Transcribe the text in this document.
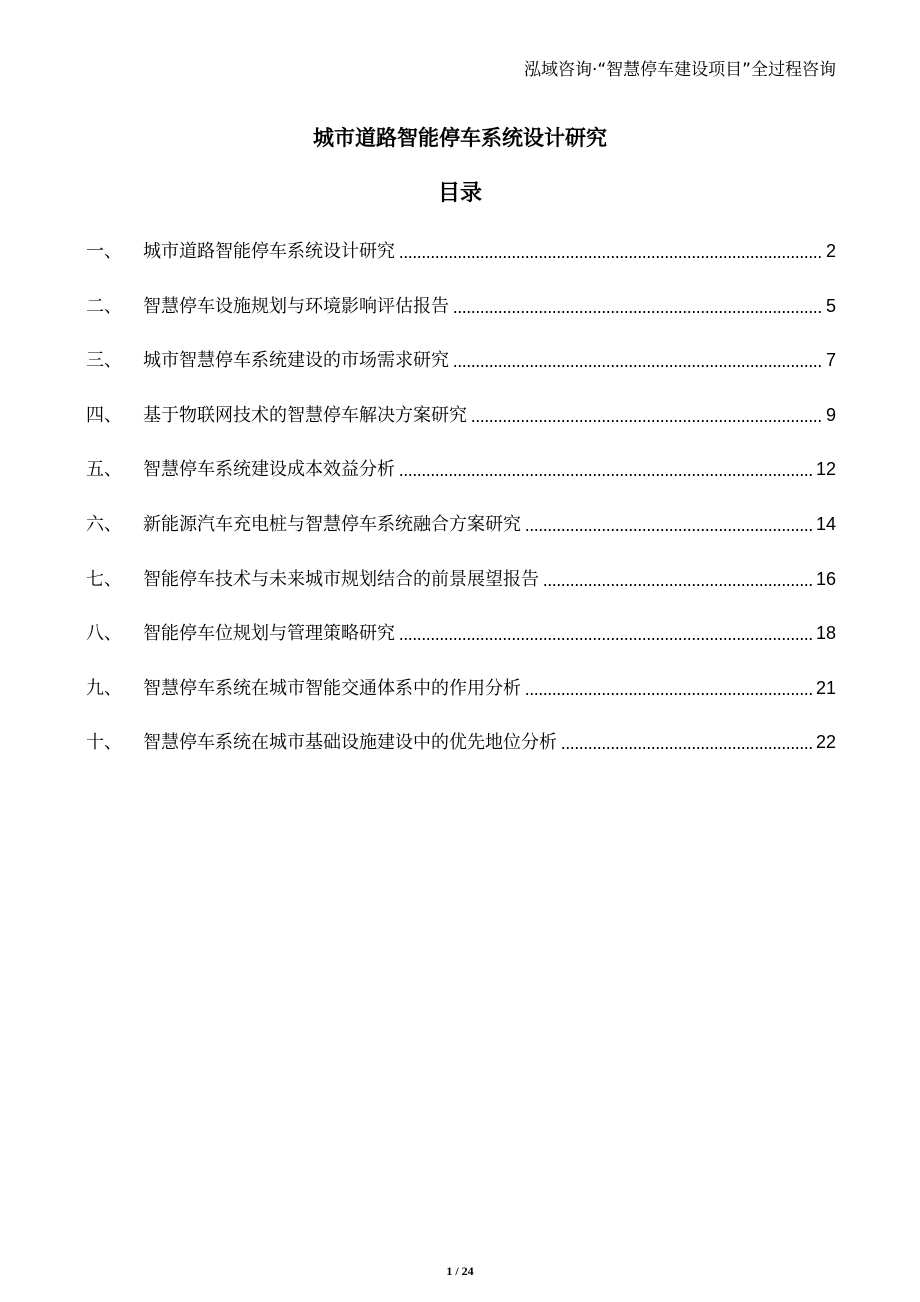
泓域咨询·“智慧停车建设项目”全过程咨询
城市道路智能停车系统设计研究
目录
一、	城市道路智能停车系统设计研究	2
二、	智慧停车设施规划与环境影响评估报告	5
三、	城市智慧停车系统建设的市场需求研究	7
四、	基于物联网技术的智慧停车解决方案研究	9
五、	智慧停车系统建设成本效益分析	12
六、	新能源汽车充电桩与智慧停车系统融合方案研究	14
七、	智能停车技术与未来城市规划结合的前景展望报告	16
八、	智能停车位规划与管理策略研究	18
九、	智慧停车系统在城市智能交通体系中的作用分析	21
十、	智慧停车系统在城市基础设施建设中的优先地位分析	22
1 / 24
